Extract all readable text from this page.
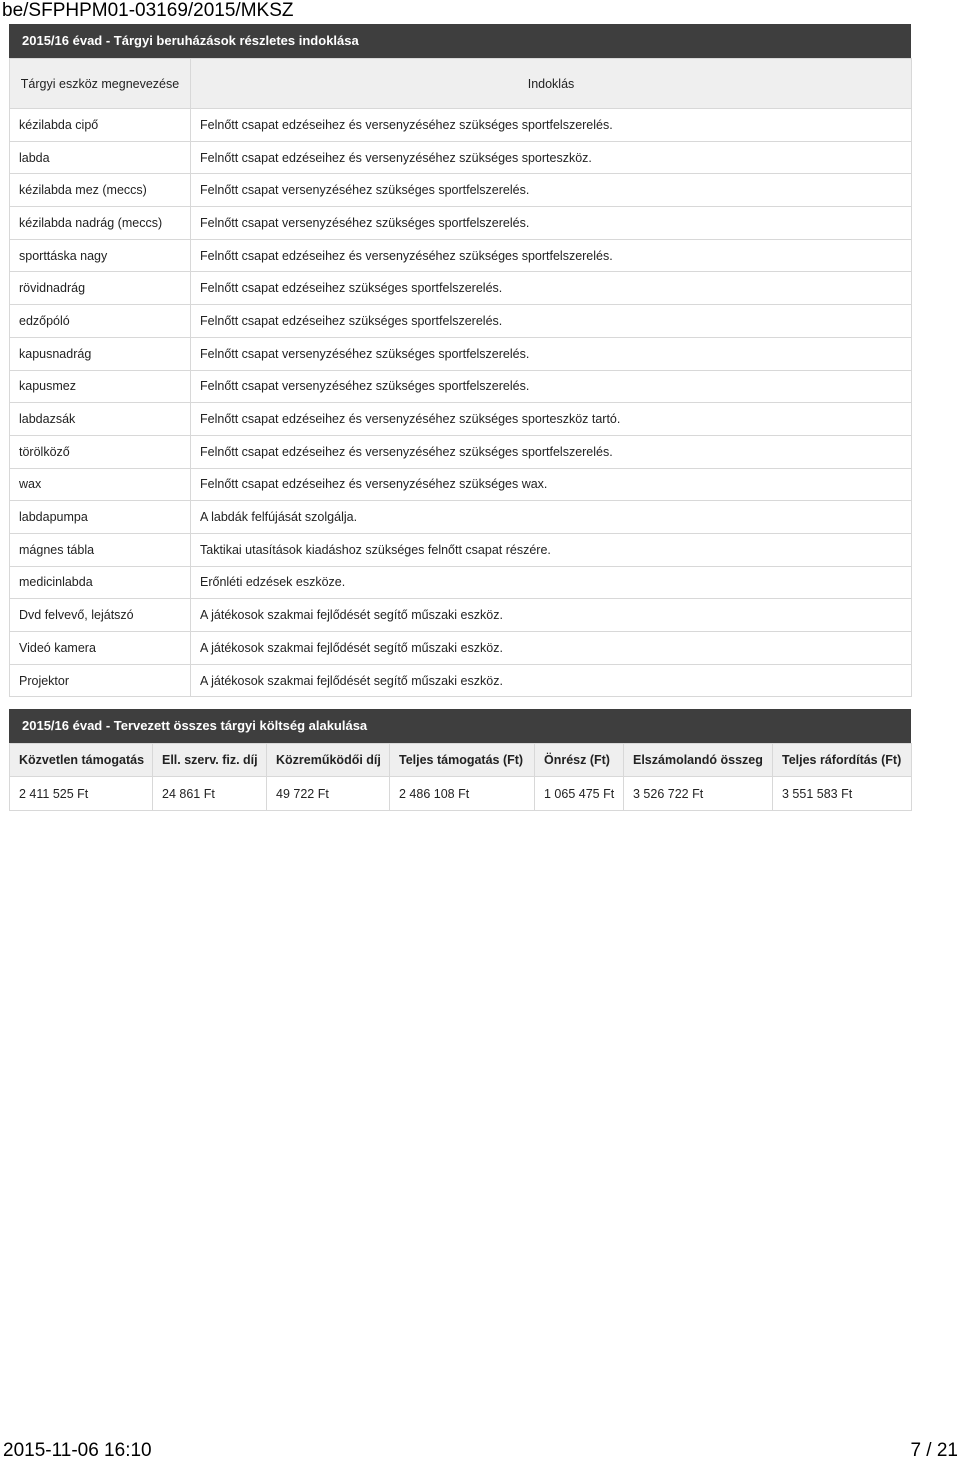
be/SFPHPM01-03169/2015/MKSZ
2015/16 évad - Tárgyi beruházások részletes indoklása
Tárgyi eszköz megnevezése	Indoklás
kézilabda cipő	Felnőtt csapat edzéseihez és versenyzéséhez szükséges sportfelszerelés.
labda	Felnőtt csapat edzéseihez és versenyzéséhez szükséges sporteszköz.
kézilabda mez (meccs)	Felnőtt csapat versenyzéséhez szükséges sportfelszerelés.
kézilabda nadrág (meccs)	Felnőtt csapat versenyzéséhez szükséges sportfelszerelés.
sporttáska nagy	Felnőtt csapat edzéseihez és versenyzéséhez szükséges sportfelszerelés.
rövidnadrág	Felnőtt csapat edzéseihez szükséges sportfelszerelés.
edzőpóló	Felnőtt csapat edzéseihez szükséges sportfelszerelés.
kapusnadrág	Felnőtt csapat versenyzéséhez szükséges sportfelszerelés.
kapusmez	Felnőtt csapat versenyzéséhez szükséges sportfelszerelés.
labdazsák	Felnőtt csapat edzéseihez és versenyzéséhez szükséges sporteszköz tartó.
törölköző	Felnőtt csapat edzéseihez és versenyzéséhez szükséges sportfelszerelés.
wax	Felnőtt csapat edzéseihez és versenyzéséhez szükséges wax.
labdapumpa	A labdák felfújását szolgálja.
mágnes tábla	Taktikai utasítások kiadáshoz szükséges felnőtt csapat részére.
medicinlabda	Erőnléti edzések eszköze.
Dvd felvevő, lejátszó	A játékosok szakmai fejlődését segítő műszaki eszköz.
Videó kamera	A játékosok szakmai fejlődését segítő műszaki eszköz.
Projektor	A játékosok szakmai fejlődését segítő műszaki eszköz.
2015/16 évad - Tervezett összes tárgyi költség alakulása
Közvetlen támogatás	Ell. szerv. fiz. díj	Közreműködői díj	Teljes támogatás (Ft)	Önrész (Ft)	Elszámolandó összeg	Teljes ráfordítás (Ft)
2 411 525 Ft	24 861 Ft	49 722 Ft	2 486 108 Ft	1 065 475 Ft	3 526 722 Ft	3 551 583 Ft
2015-11-06 16:10	7 / 21
